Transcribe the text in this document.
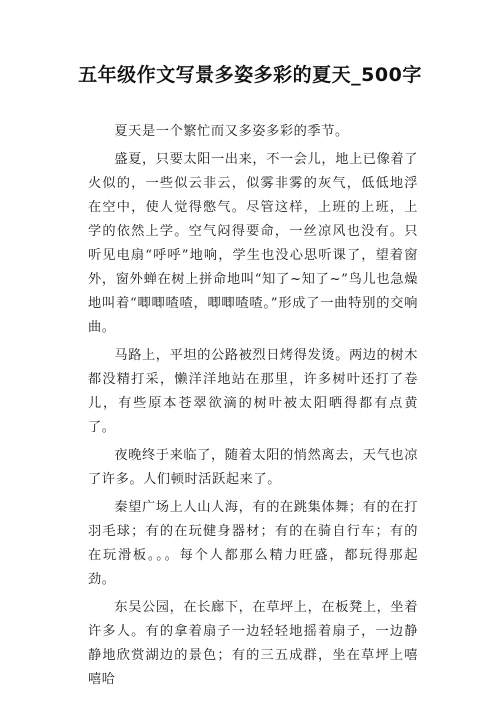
五年级作文写景多姿多彩的夏天_500字

夏天是一个繁忙而又多姿多彩的季节。

盛夏，只要太阳一出来，不一会儿，地上已像着了火似的，一些似云非云，似雾非雾的灰气，低低地浮在空中，使人觉得憋气。尽管这样，上班的上班，上学的依然上学。空气闷得要命，一丝凉风也没有。只听见电扇“呼呼”地响，学生也没心思听课了，望着窗外，窗外蝉在树上拼命地叫“知了~知了~”鸟儿也急燥地叫着“唧唧喳喳，唧唧喳喳。”形成了一曲特别的交响曲。

马路上，平坦的公路被烈日烤得发烫。两边的树木都没精打采，懒洋洋地站在那里，许多树叶还打了卷儿，有些原本苍翠欲滴的树叶被太阳晒得都有点黄了。

夜晚终于来临了，随着太阳的悄然离去，天气也凉了许多。人们顿时活跃起来了。

秦望广场上人山人海，有的在跳集体舞；有的在打羽毛球；有的在玩健身器材；有的在骑自行车；有的在玩滑板。。。每个人都那么精力旺盛，都玩得那起劲。

东吴公园，在长廊下，在草坪上，在板凳上，坐着许多人。有的拿着扇子一边轻轻地摇着扇子，一边静静地欣赏湖边的景色；有的三五成群，坐在草坪上嘻嘻哈
